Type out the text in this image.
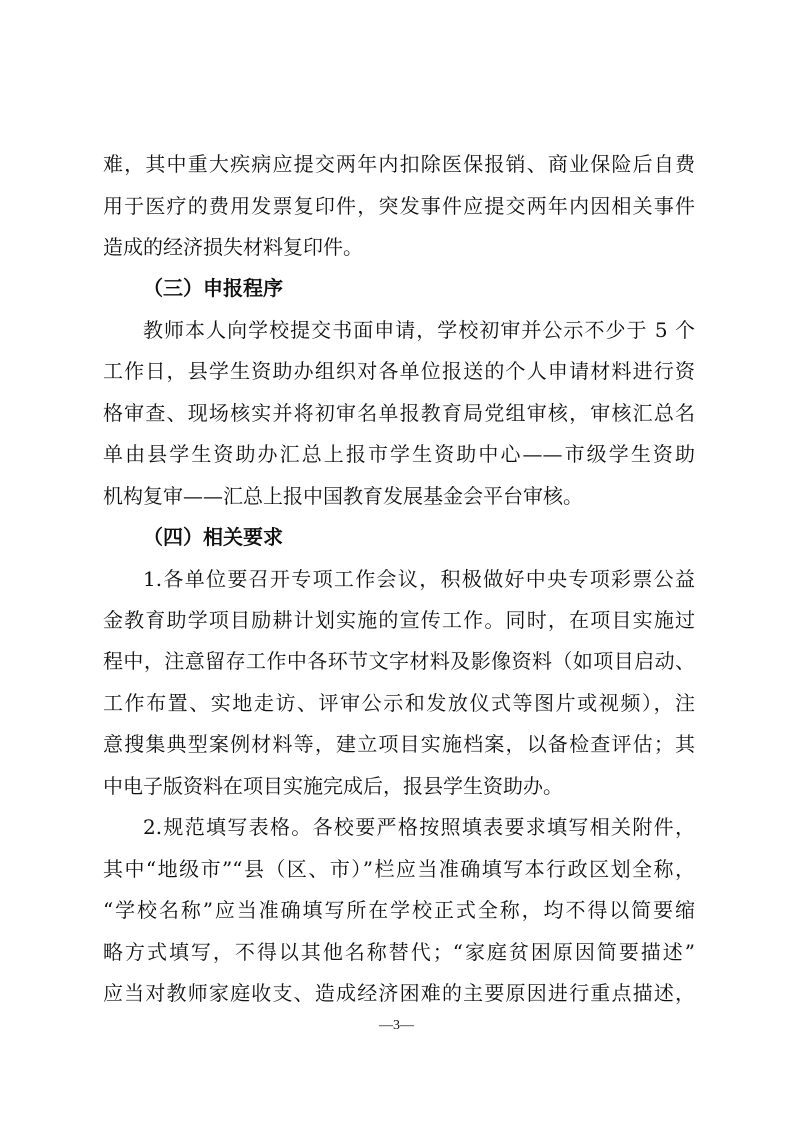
难，其中重大疾病应提交两年内扣除医保报销、商业保险后自费
用于医疗的费用发票复印件，突发事件应提交两年内因相关事件
造成的经济损失材料复印件。
（三）申报程序
教师本人向学校提交书面申请，学校初审并公示不少于 5 个
工作日，县学生资助办组织对各单位报送的个人申请材料进行资
格审查、现场核实并将初审名单报教育局党组审核，审核汇总名
单由县学生资助办汇总上报市学生资助中心——市级学生资助
机构复审——汇总上报中国教育发展基金会平台审核。
（四）相关要求
1.各单位要召开专项工作会议，积极做好中央专项彩票公益
金教育助学项目励耕计划实施的宣传工作。同时，在项目实施过
程中，注意留存工作中各环节文字材料及影像资料（如项目启动、
工作布置、实地走访、评审公示和发放仪式等图片或视频），注
意搜集典型案例材料等，建立项目实施档案，以备检查评估；其
中电子版资料在项目实施完成后，报县学生资助办。
2.规范填写表格。各校要严格按照填表要求填写相关附件，
其中“地级市”“县（区、市）”栏应当准确填写本行政区划全称，
“学校名称”应当准确填写所在学校正式全称，均不得以简要缩
略方式填写，不得以其他名称替代；“家庭贫困原因简要描述”
应当对教师家庭收支、造成经济困难的主要原因进行重点描述，
—3—
